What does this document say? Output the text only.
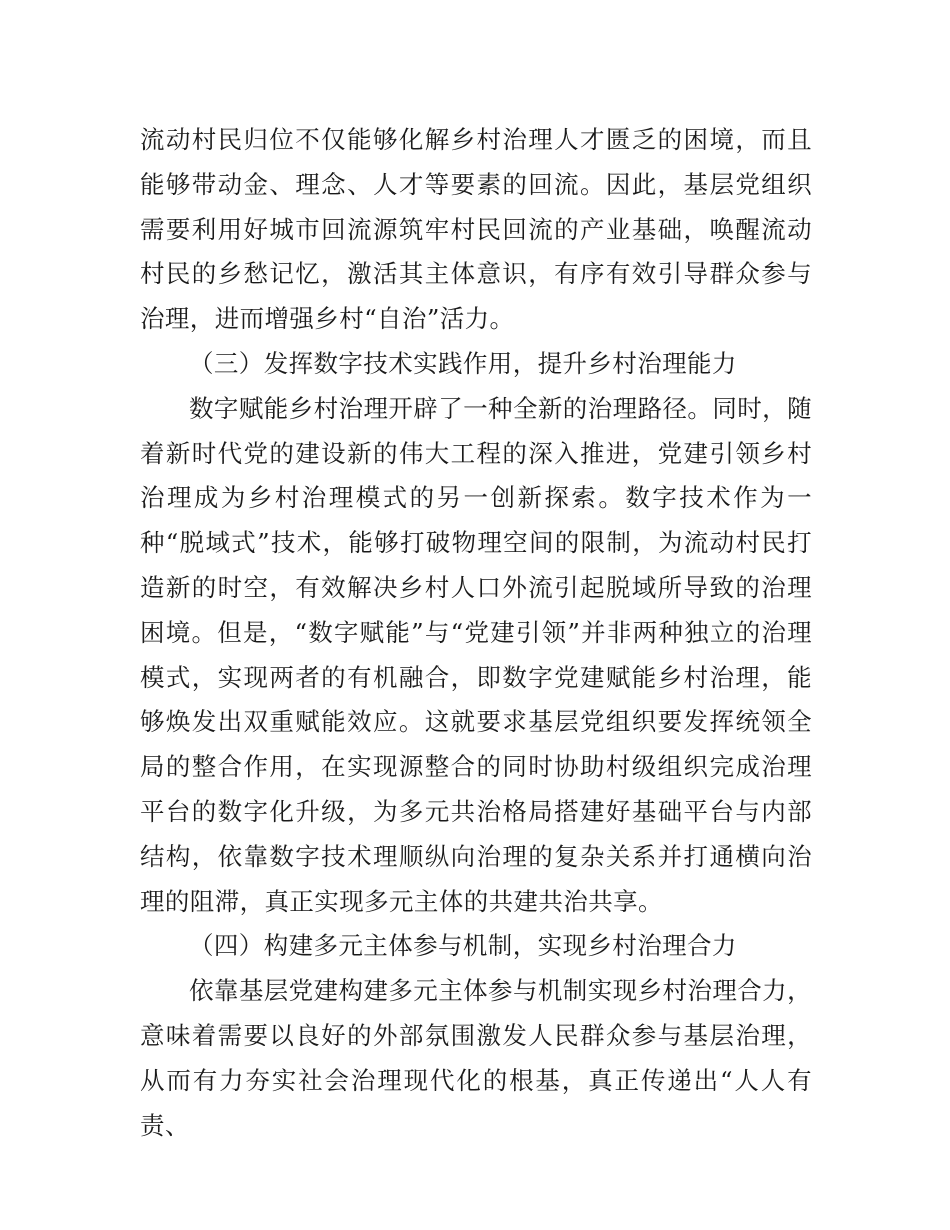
流动村民归位不仅能够化解乡村治理人才匮乏的困境，而且能够带动金、理念、人才等要素的回流。因此，基层党组织需要利用好城市回流源筑牢村民回流的产业基础，唤醒流动村民的乡愁记忆，激活其主体意识，有序有效引导群众参与治理，进而增强乡村“自治”活力。

（三）发挥数字技术实践作用，提升乡村治理能力

数字赋能乡村治理开辟了一种全新的治理路径。同时，随着新时代党的建设新的伟大工程的深入推进，党建引领乡村治理成为乡村治理模式的另一创新探索。数字技术作为一种“脱域式”技术，能够打破物理空间的限制，为流动村民打造新的时空，有效解决乡村人口外流引起脱域所导致的治理困境。但是，“数字赋能”与“党建引领”并非两种独立的治理模式，实现两者的有机融合，即数字党建赋能乡村治理，能够焕发出双重赋能效应。这就要求基层党组织要发挥统领全局的整合作用，在实现源整合的同时协助村级组织完成治理平台的数字化升级，为多元共治格局搭建好基础平台与内部结构，依靠数字技术理顺纵向治理的复杂关系并打通横向治理的阻滞，真正实现多元主体的共建共治共享。

（四）构建多元主体参与机制，实现乡村治理合力

依靠基层党建构建多元主体参与机制实现乡村治理合力，意味着需要以良好的外部氛围激发人民群众参与基层治理，从而有力夯实社会治理现代化的根基，真正传递出“人人有责、
